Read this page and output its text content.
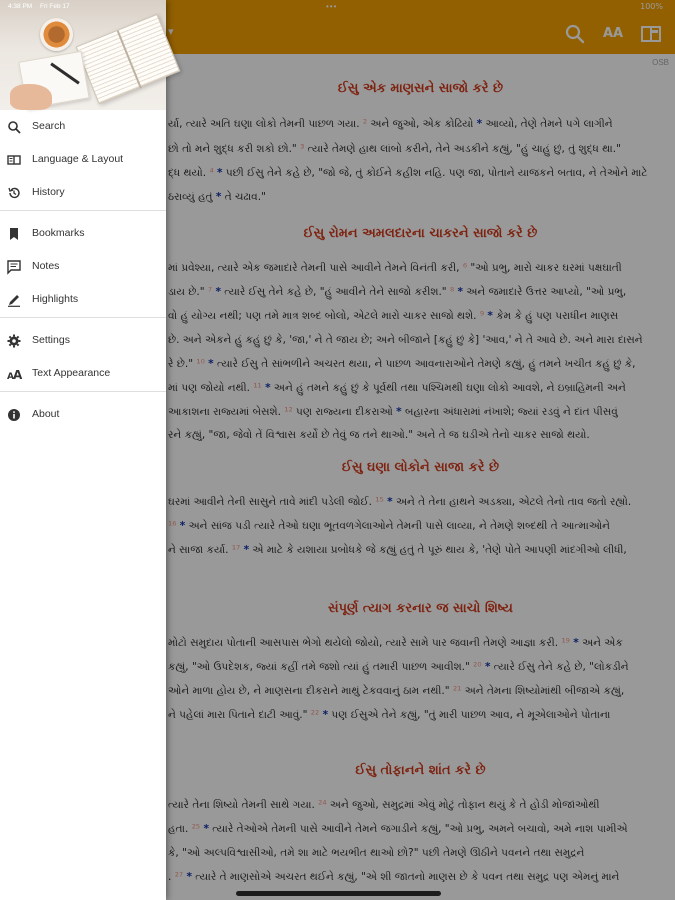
•••	100%
▾	AA
OSB
ઈસુ એક માણસને સાજો કરે છે
ર્યા, ત્યારે અતિ ઘણા લોકો તેમની પાછળ ગયા. ² અને જુઓ, એક કોઢિયો * આવ્યો, તેણે તેમને પગે લાગીને
છો તો મને શુદ્ધ કરી શકો છો." ³ ત્યારે તેમણે હાથ લાંબો કરીને, તેને અડકીને કહ્યું, "હું ચાહું છું, તું શુદ્ધ થા."
દ્ધ થયો. ⁴ * પછી ઈસુ તેને કહે છે, "જો જે, તું કોઈને કહીશ નહિ. પણ જા, પોતાને યાજકને બતાવ, ને તેઓને માટે
ઠરાવ્યું હતું * તે ચઢાવ."
ઈસુ રોમન અમલદારના ચાકરને સાજો કરે છે
માં પ્રવેશ્યા, ત્યારે એક જમાદારે તેમની પાસે આવીને તેમને વિનંતી કરી, ⁶ "ઓ પ્રભુ, મારો ચાકર ઘરમાં પક્ષઘાતી
ડાય છે." ⁷ * ત્યારે ઈસુ તેને કહે છે, "હું આવીને તેને સાજો કરીશ." ⁸ * અને જમાદારે ઉત્તર આપ્યો, "ઓ પ્રભુ,
વો હું યોગ્ય નથી; પણ તમે માત્ર શબ્દ બોલો, એટલે મારો ચાકર સાજો થશે. ⁹ * કેમ કે હું પણ પરાધીન માણસ
છે. અને એકને હું કહું છું કે, 'જા,' ને તે જાય છે; અને બીજાને [કહું છું કે] 'આવ,' ને તે આવે છે. અને મારા દાસને
રે છે." ¹⁰ * ત્યારે ઈસુ તે સાંભળીને અચરત થયા, ને પાછળ આવનારાઓને તેમણે કહ્યું, હું તમને ખચીત કહું છું કે,
માં પણ જોયો નથી. ¹¹ * અને હું તમને કહું છું કે પૂર્વથી તથા પશ્ચિમથી ઘણા લોકો આવશે, ને ઇબ્રાહિમની અને
આકાશના રાજ્યમાં બેસશે. ¹² પણ રાજ્યના દીકરાઓ * બહારના અંધારામાં નંખાશે; જ્યાં રડવું ને દાંત પીસવું
રને કહ્યું, "જા, જેવો તેં વિશ્વાસ કર્યો છે તેવું જ તને થાઓ." અને તે જ ઘડીએ તેનો ચાકર સાજો થયો.
ઈસુ ઘણા લોકોને સાજા કરે છે
ઘરમાં આવીને તેની સાસુને તાવે માંદી પડેલી જોઈ. ¹⁵ * અને તે તેના હાથને અડક્યા, એટલે તેનો તાવ જતો રહ્યો.
¹⁶ * અને સાંજ પડી ત્યારે તેઓ ઘણા ભૂતવળગેલાઓને તેમની પાસે લાવ્યા, ને તેમણે શબ્દથી તે આત્માઓને
ને સાજા કર્યા. ¹⁷ * એ માટે કે યશાયા પ્રબોધકે જે કહ્યું હતું તે પૂરું થાય કે, 'તેણે પોતે આપણી માંદગીઓ લીધી,
સંપૂર્ણ ત્યાગ કરનાર જ સાચો શિષ્ય
મોટો સમુદાય પોતાની આસપાસ ભેગો થયેલો જોયો, ત્યારે સામે પાર જવાની તેમણે આજ્ઞા કરી. ¹⁹ * અને એક
કહ્યું, "ઓ ઉપદેશક, જ્યાં કહીં તમે જશો ત્યાં હું તમારી પાછળ આવીશ." ²⁰ * ત્યારે ઈસુ તેને કહે છે, "લોકડીને
ઓને માળા હોય છે, ને માણસના દીકરાને માથું ટેકવવાનું ઠામ નથી." ²¹ અને તેમના શિષ્યોમાંથી બીજાએ કહ્યું,
ને પહેલાં મારા પિતાને દાટી આવું." ²² * પણ ઈસુએ તેને કહ્યું, "તું મારી પાછળ આવ, ને મૂએલાઓને પોતાના
ઈસુ તોફાનને શાંત કરે છે
ત્યારે તેના શિષ્યો તેમની સાથે ગયા. ²⁴ અને જુઓ, સમુદ્રમાં એવું મોટું તોફાન થયું કે તે હોડી મોજાંઓથી
હતા. ²⁵ * ત્યારે તેઓએ તેમની પાસે આવીને તેમને જગાડીને કહ્યું, "ઓ પ્રભુ, અમને બચાવો, અમે નાશ પામીએ
કે, "ઓ અલ્પવિશ્વાસીઓ, તમે શા માટે ભયભીત થાઓ છો?" પછી તેમણે ઊઠીને પવનને તથા સમુદ્રને
. ²⁷ * ત્યારે તે માણસોએ અચરત થઈને કહ્યું, "એ શી જાતનો માણસ છે કે પવન તથા સમુદ્ર પણ એમનું માને
4:38 PM Fri Feb 17
Search
Language & Layout
History
Bookmarks
Notes
Highlights
Settings
A A Text Appearance
About
